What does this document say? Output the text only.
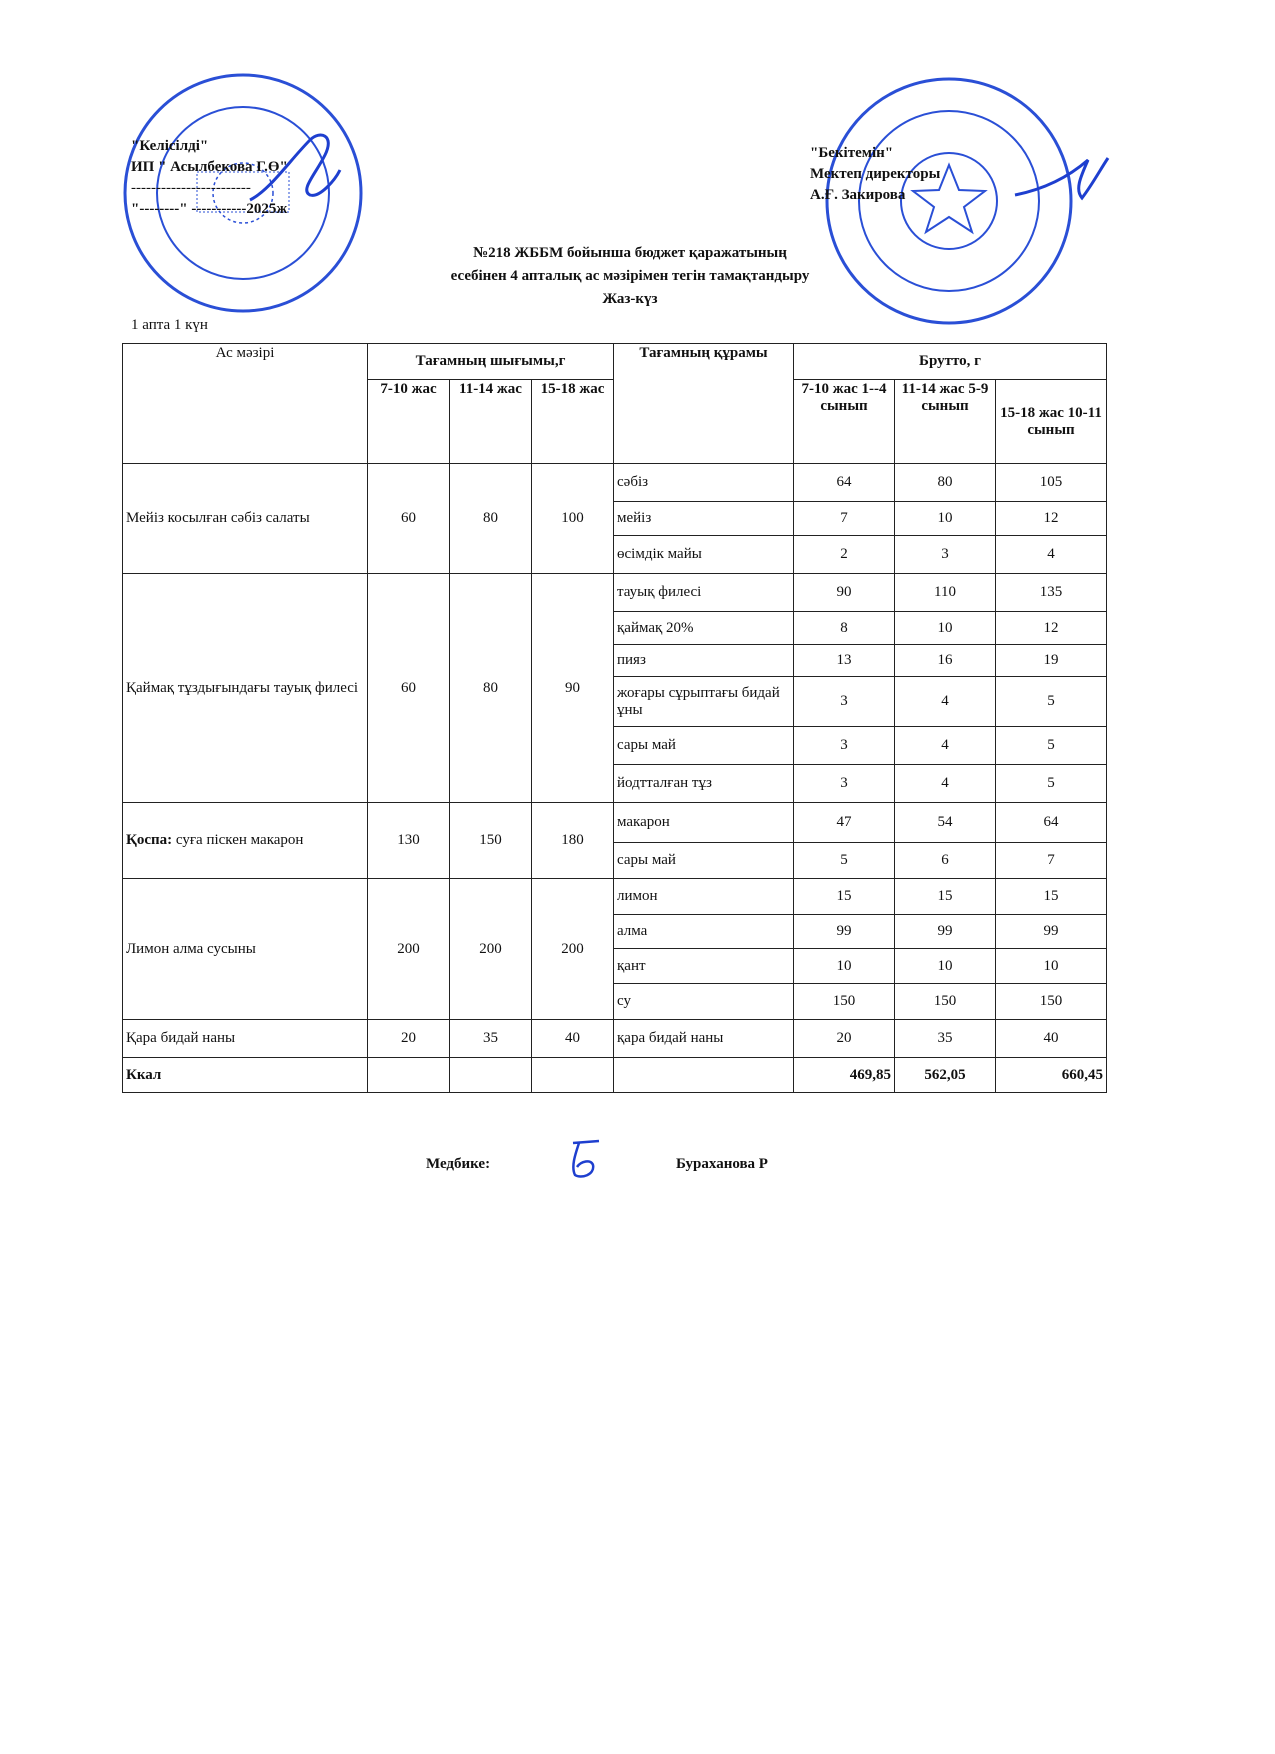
"Келісілді"
ИП " Асылбекова Г.Ө"
------------------------
"--------" -----------2025ж
"Бекітемін"
Мектеп директоры
А.Ғ. Закирова
№218 ЖББМ бойынша бюджет қаражатының
есебінен 4 апталық ас мәзірімен тегін тамақтандыру
Жаз-күз
1 апта 1 күн
Ас мәзірі	Тағамның шығымы,г			Тағамның құрамы	Брутто, г		
	7-10 жас	11-14 жас	15-18 жас		7-10 жас 1--4 сынып	11-14 жас 5-9 сынып	15-18 жас 10-11 сынып
Мейіз косылған сәбіз салаты	60	80	100	сәбіз	64	80	105
				мейіз	7	10	12
				өсімдік майы	2	3	4
Қаймақ тұздығындағы тауық филесі	60	80	90	тауық филесі	90	110	135
				қаймақ 20%	8	10	12
				пияз	13	16	19
				жоғары сұрыптағы бидай ұны	3	4	5
				сары май	3	4	5
				йодтталған тұз	3	4	5
Қоспа: суға піскен макарон	130	150	180	макарон	47	54	64
				сары май	5	6	7
Лимон алма сусыны	200	200	200	лимон	15	15	15
				алма	99	99	99
				қант	10	10	10
				су	150	150	150
Қара бидай наны	20	35	40	қара бидай наны	20	35	40
Ккал					469,85	562,05	660,45
Медбике:	Бураханова Р
